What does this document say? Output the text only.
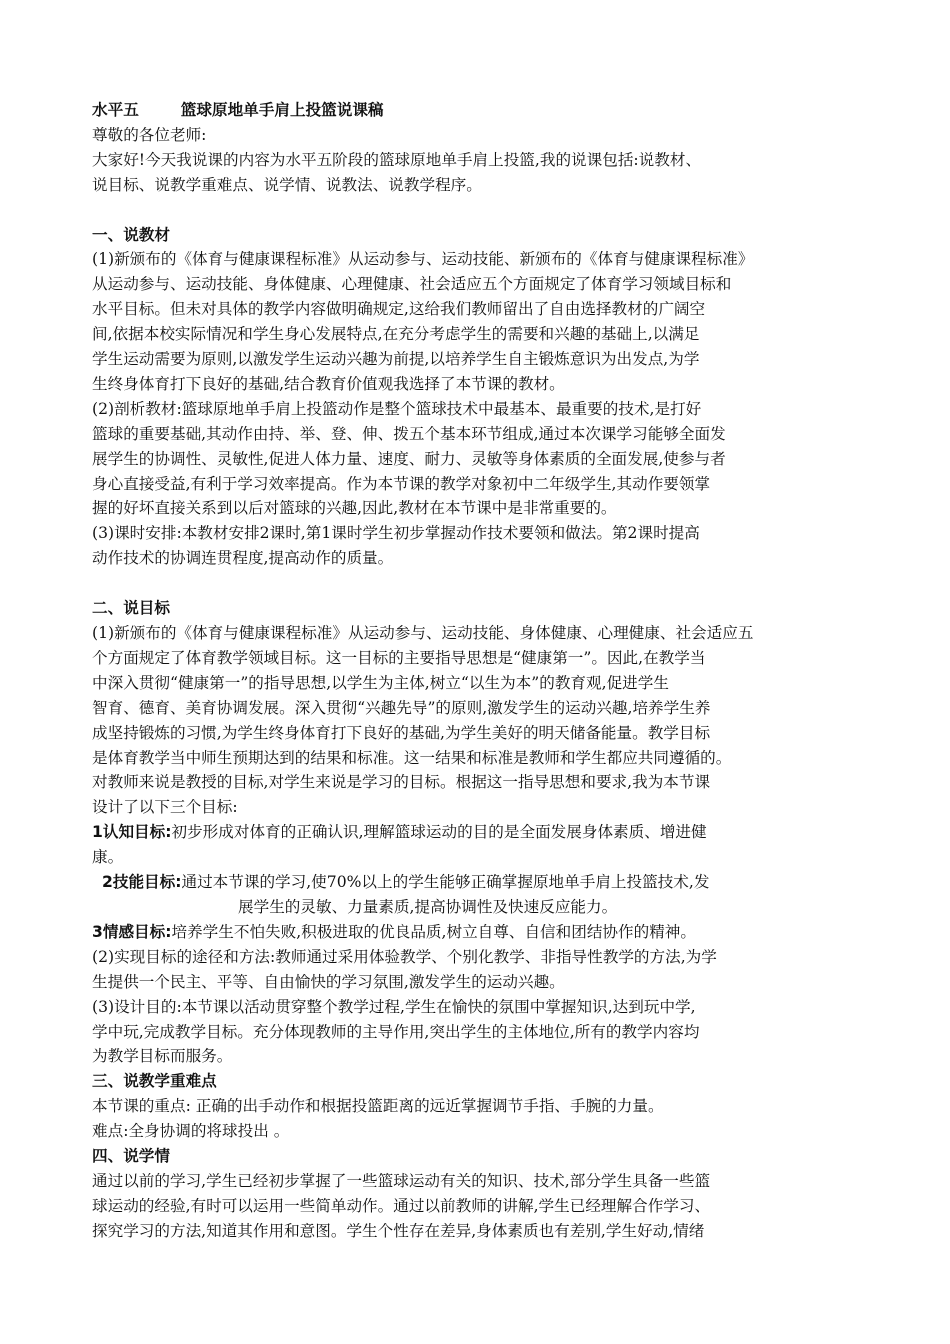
水平五	篮球原地单手肩上投篮说课稿
尊敬的各位老师:
大家好!今天我说课的内容为水平五阶段的篮球原地单手肩上投篮,我的说课包括:说教材、
说目标、说教学重难点、说学情、说教法、说教学程序。
一、说教材
(1)新颁布的《体育与健康课程标准》从运动参与、运动技能、新颁布的《体育与健康课程标准》
从运动参与、运动技能、身体健康、心理健康、社会适应五个方面规定了体育学习领域目标和
水平目标。但未对具体的教学内容做明确规定,这给我们教师留出了自由选择教材的广阔空
间,依据本校实际情况和学生身心发展特点,在充分考虑学生的需要和兴趣的基础上,以满足
学生运动需要为原则,以激发学生运动兴趣为前提,以培养学生自主锻炼意识为出发点,为学
生终身体育打下良好的基础,结合教育价值观我选择了本节课的教材。
(2)剖析教材:篮球原地单手肩上投篮动作是整个篮球技术中最基本、最重要的技术,是打好
篮球的重要基础,其动作由持、举、登、伸、拨五个基本环节组成,通过本次课学习能够全面发
展学生的协调性、灵敏性,促进人体力量、速度、耐力、灵敏等身体素质的全面发展,使参与者
身心直接受益,有利于学习效率提高。作为本节课的教学对象初中二年级学生,其动作要领掌
握的好坏直接关系到以后对篮球的兴趣,因此,教材在本节课中是非常重要的。
(3)课时安排:本教材安排2课时,第1课时学生初步掌握动作技术要领和做法。第2课时提高
动作技术的协调连贯程度,提高动作的质量。
二、说目标
(1)新颁布的《体育与健康课程标准》从运动参与、运动技能、身体健康、心理健康、社会适应五
个方面规定了体育教学领域目标。这一目标的主要指导思想是“健康第一”。因此,在教学当
中深入贯彻“健康第一”的指导思想,以学生为主体,树立“以生为本”的教育观,促进学生
智育、德育、美育协调发展。深入贯彻“兴趣先导”的原则,激发学生的运动兴趣,培养学生养
成坚持锻炼的习惯,为学生终身体育打下良好的基础,为学生美好的明天储备能量。教学目标
是体育教学当中师生预期达到的结果和标准。这一结果和标准是教师和学生都应共同遵循的。
对教师来说是教授的目标,对学生来说是学习的目标。根据这一指导思想和要求,我为本节课
设计了以下三个目标:
1认知目标:初步形成对体育的正确认识,理解篮球运动的目的是全面发展身体素质、增进健
康。
2技能目标:通过本节课的学习,使70%以上的学生能够正确掌握原地单手肩上投篮技术,发
展学生的灵敏、力量素质,提高协调性及快速反应能力。
3情感目标:培养学生不怕失败,积极进取的优良品质,树立自尊、自信和团结协作的精神。
(2)实现目标的途径和方法:教师通过采用体验教学、个别化教学、非指导性教学的方法,为学
生提供一个民主、平等、自由愉快的学习氛围,激发学生的运动兴趣。
(3)设计目的:本节课以活动贯穿整个教学过程,学生在愉快的氛围中掌握知识,达到玩中学,
学中玩,完成教学目标。充分体现教师的主导作用,突出学生的主体地位,所有的教学内容均
为教学目标而服务。
三、说教学重难点
本节课的重点: 正确的出手动作和根据投篮距离的远近掌握调节手指、手腕的力量。
难点:全身协调的将球投出 。
四、说学情
通过以前的学习,学生已经初步掌握了一些篮球运动有关的知识、技术,部分学生具备一些篮
球运动的经验,有时可以运用一些简单动作。通过以前教师的讲解,学生已经理解合作学习、
探究学习的方法,知道其作用和意图。学生个性存在差异,身体素质也有差别,学生好动,情绪
